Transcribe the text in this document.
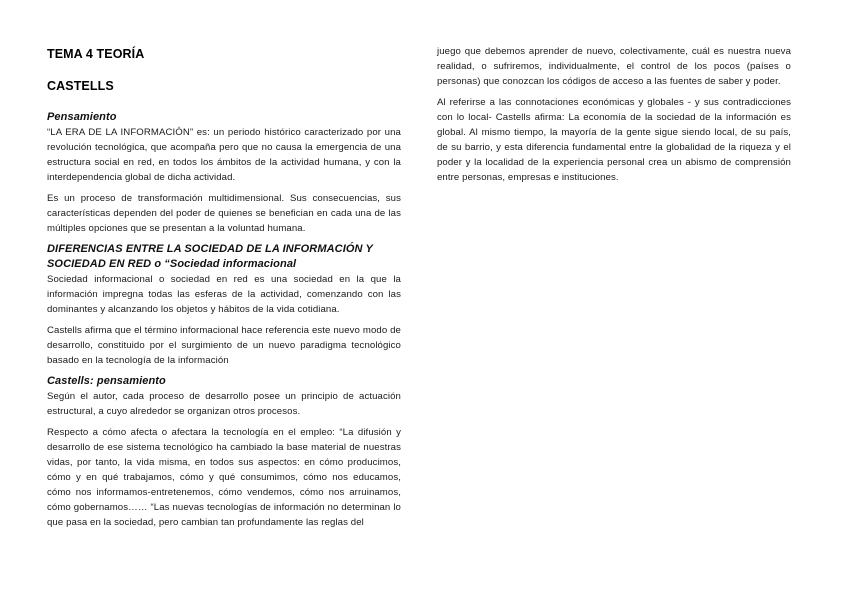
TEMA 4 TEORÍA
CASTELLS
Pensamiento

“LA ERA DE LA INFORMACIÓN” es: un periodo histórico caracterizado por una revolución tecnológica, que acompaña pero que no causa la emergencia de una estructura social en red, en todos los ámbitos de la actividad humana, y con la interdependencia global de dicha actividad.

Es un proceso de transformación multidimensional. Sus consecuencias, sus características dependen del poder de quienes se benefician en cada una de las múltiples opciones que se presentan a la voluntad humana.

DIFERENCIAS ENTRE LA SOCIEDAD DE LA INFORMACIÓN Y SOCIEDAD EN RED o “Sociedad informacional

Sociedad informacional o sociedad en red es una sociedad en la que la información impregna todas las esferas de la actividad, comenzando con las dominantes y alcanzando los objetos y hábitos de la vida cotidiana.

Castells afirma que el término informacional hace referencia este nuevo modo de desarrollo, constituido por el surgimiento de un nuevo paradigma tecnológico basado en la tecnología de la información

Castells: pensamiento

Según el autor, cada proceso de desarrollo posee un principio de actuación estructural, a cuyo alrededor se organizan otros procesos.

Respecto a cómo afecta o afectara la tecnología en el empleo: “La difusión y desarrollo de ese sistema tecnológico ha cambiado la base material de nuestras vidas, por tanto, la vida misma, en todos sus aspectos: en cómo producimos, cómo y en qué trabajamos, cómo y qué consumimos, cómo nos educamos, cómo nos informamos-entretenemos, cómo vendemos, cómo nos arruinamos, cómo gobernamos…… “Las nuevas tecnologías de información no determinan lo que pasa en la sociedad, pero cambian tan profundamente las reglas del

juego que debemos aprender de nuevo, colectivamente, cuál es nuestra nueva realidad, o sufriremos, individualmente, el control de los pocos (países o personas) que conozcan los códigos de acceso a las fuentes de saber y poder.

Al referirse a las connotaciones económicas y globales - y sus contradicciones con lo local- Castells afirma: La economía de la sociedad de la información es global. Al mismo tiempo, la mayoría de la gente sigue siendo local, de su país, de su barrio, y esta diferencia fundamental entre la globalidad de la riqueza y el poder y la localidad de la experiencia personal crea un abismo de comprensión entre personas, empresas e instituciones.
